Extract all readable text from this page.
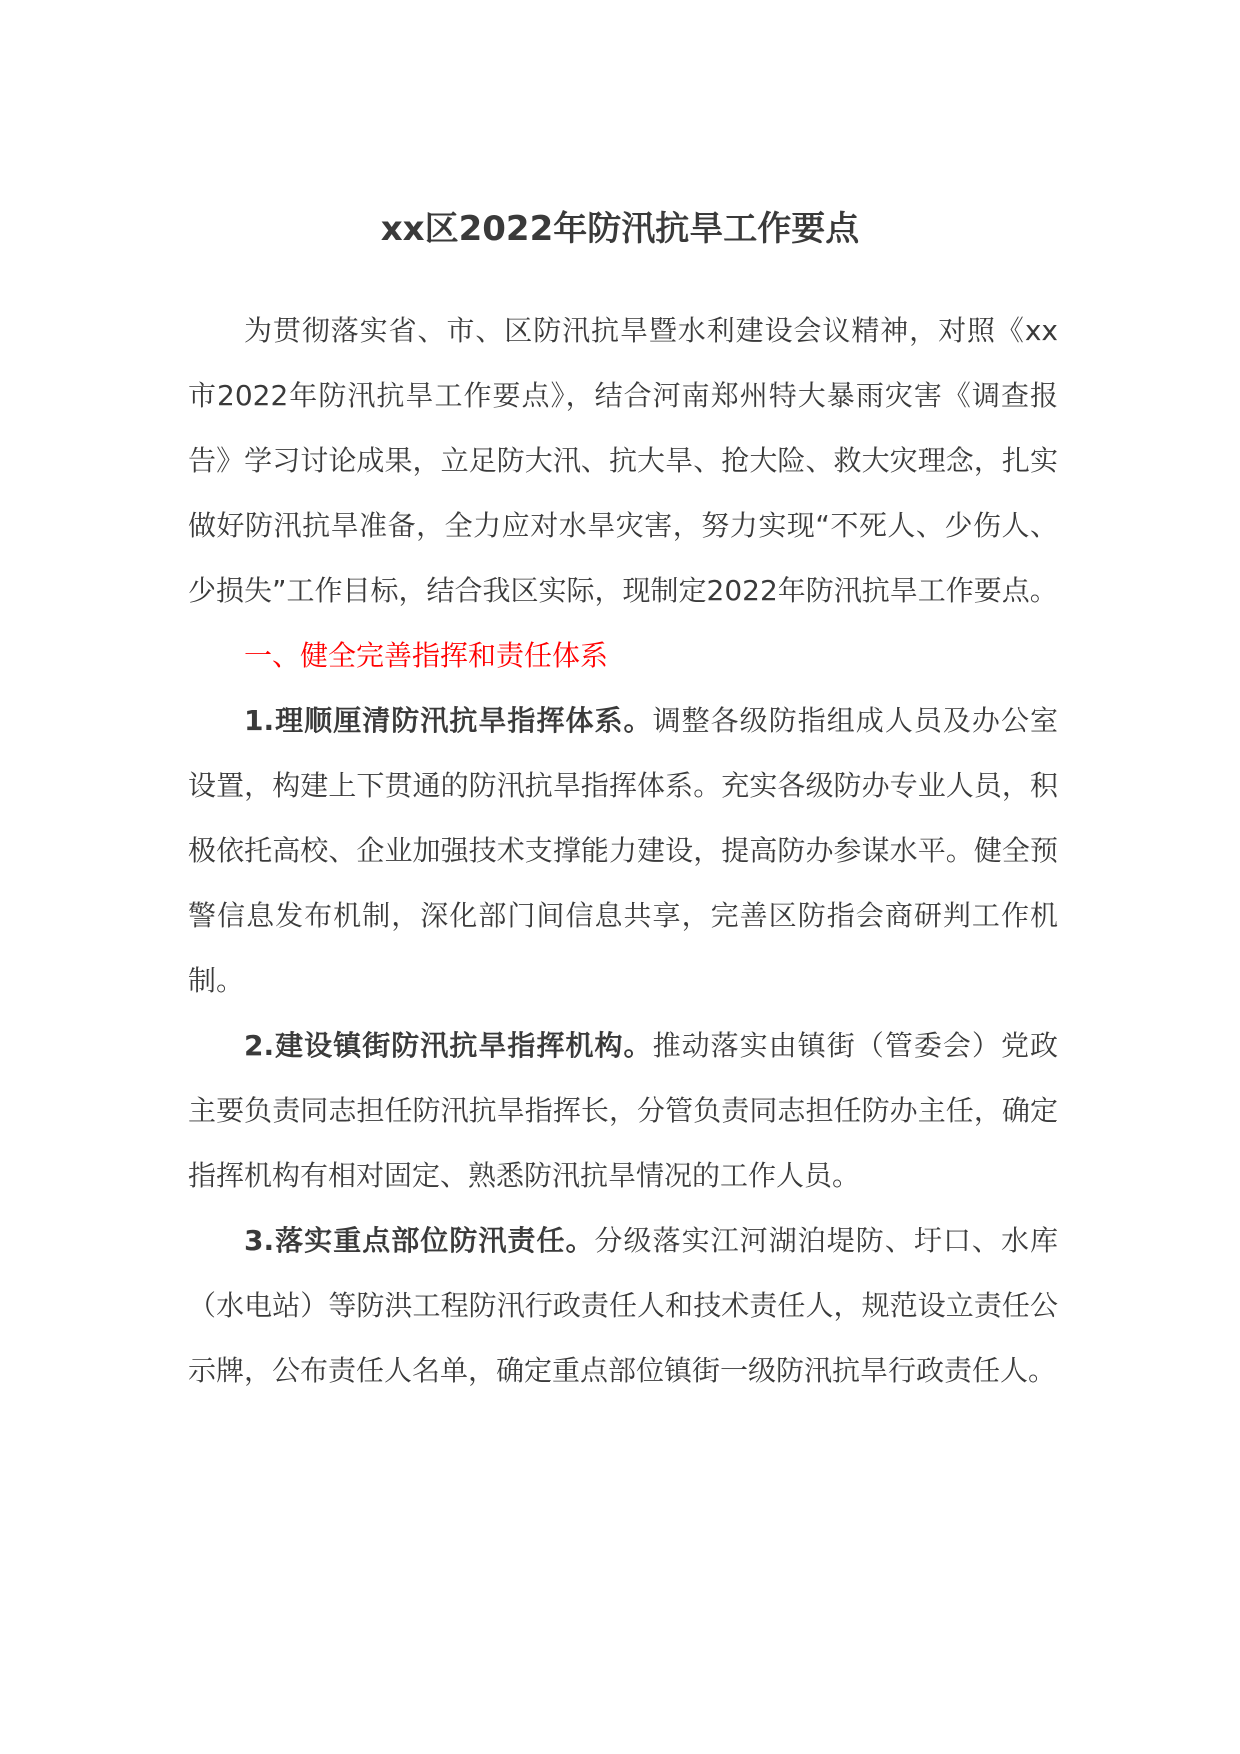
xx区2022年防汛抗旱工作要点

为贯彻落实省、市、区防汛抗旱暨水利建设会议精神，对照《xx市2022年防汛抗旱工作要点》，结合河南郑州特大暴雨灾害《调查报告》学习讨论成果，立足防大汛、抗大旱、抢大险、救大灾理念，扎实做好防汛抗旱准备，全力应对水旱灾害，努力实现“不死人、少伤人、少损失”工作目标，结合我区实际，现制定2022年防汛抗旱工作要点。

一、健全完善指挥和责任体系

1.理顺厘清防汛抗旱指挥体系。调整各级防指组成人员及办公室设置，构建上下贯通的防汛抗旱指挥体系。充实各级防办专业人员，积极依托高校、企业加强技术支撑能力建设，提高防办参谋水平。健全预警信息发布机制，深化部门间信息共享，完善区防指会商研判工作机制。

2.建设镇街防汛抗旱指挥机构。推动落实由镇街（管委会）党政主要负责同志担任防汛抗旱指挥长，分管负责同志担任防办主任，确定指挥机构有相对固定、熟悉防汛抗旱情况的工作人员。

3.落实重点部位防汛责任。分级落实江河湖泊堤防、圩口、水库（水电站）等防洪工程防汛行政责任人和技术责任人，规范设立责任公示牌，公布责任人名单，确定重点部位镇街一级防汛抗旱行政责任人。
